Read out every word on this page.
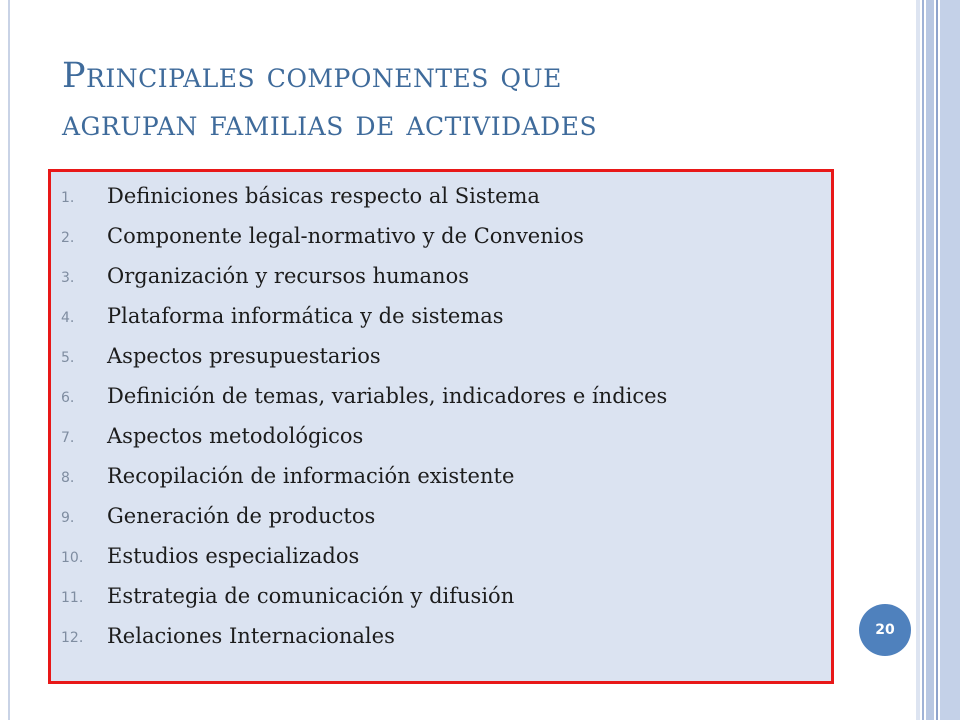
Principales componentes que
agrupan familias de actividades
1.	Definiciones básicas respecto al Sistema
2.	Componente legal-normativo y de Convenios
3.	Organización y recursos humanos
4.	Plataforma informática y de sistemas
5.	Aspectos presupuestarios
6.	Definición de temas, variables, indicadores e índices
7.	Aspectos metodológicos
8.	Recopilación de información existente
9.	Generación de productos
10.	Estudios especializados
11.	Estrategia de comunicación y difusión
12.	Relaciones Internacionales	20
